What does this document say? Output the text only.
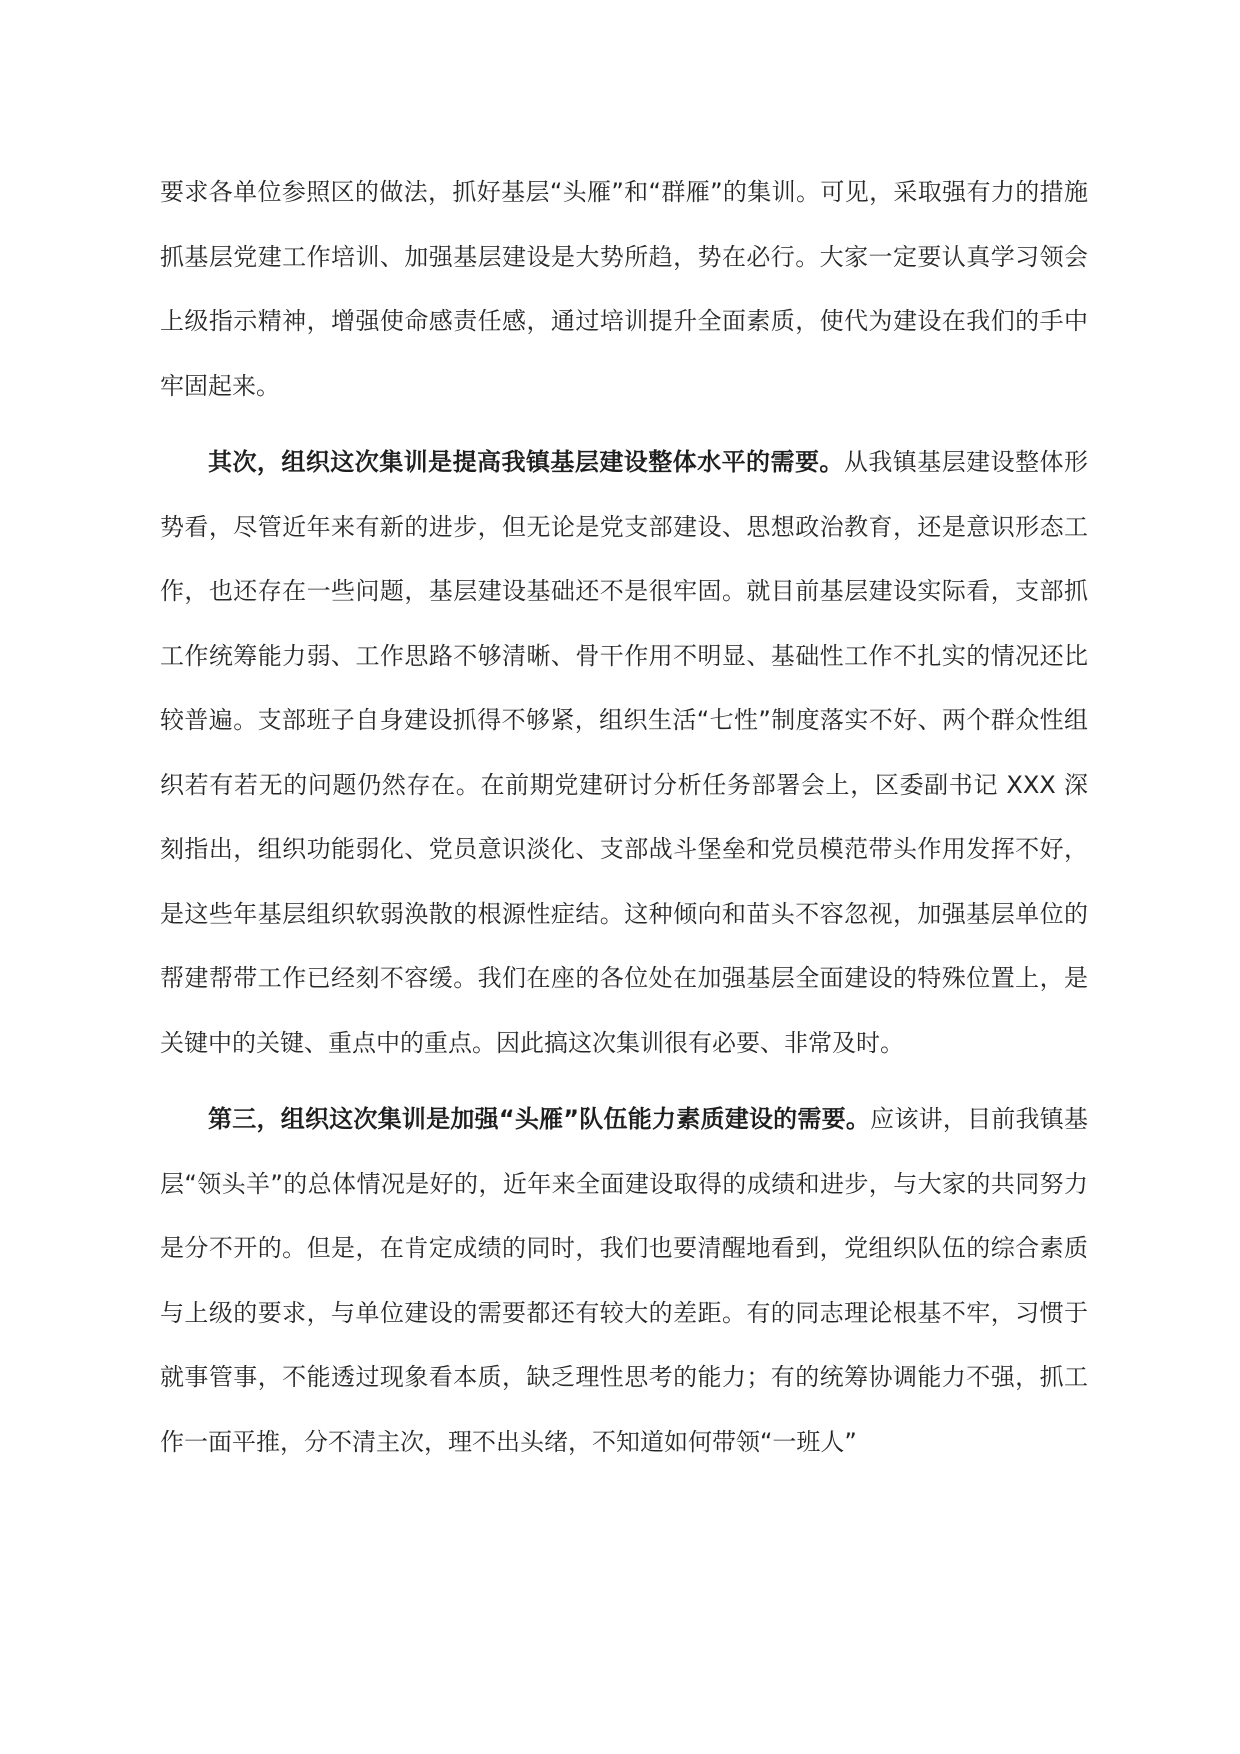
要求各单位参照区的做法，抓好基层“头雁”和“群雁”的集训。可见，采取强有力的措施抓基层党建工作培训、加强基层建设是大势所趋，势在必行。大家一定要认真学习领会上级指示精神，增强使命感责任感，通过培训提升全面素质，使代为建设在我们的手中牢固起来。

其次，组织这次集训是提高我镇基层建设整体水平的需要。从我镇基层建设整体形势看，尽管近年来有新的进步，但无论是党支部建设、思想政治教育，还是意识形态工作，也还存在一些问题，基层建设基础还不是很牢固。就目前基层建设实际看，支部抓工作统筹能力弱、工作思路不够清晰、骨干作用不明显、基础性工作不扎实的情况还比较普遍。支部班子自身建设抓得不够紧，组织生活“七性”制度落实不好、两个群众性组织若有若无的问题仍然存在。在前期党建研讨分析任务部署会上，区委副书记 XXX 深刻指出，组织功能弱化、党员意识淡化、支部战斗堡垒和党员模范带头作用发挥不好，是这些年基层组织软弱涣散的根源性症结。这种倾向和苗头不容忽视，加强基层单位的帮建帮带工作已经刻不容缓。我们在座的各位处在加强基层全面建设的特殊位置上，是关键中的关键、重点中的重点。因此搞这次集训很有必要、非常及时。

第三，组织这次集训是加强“头雁”队伍能力素质建设的需要。应该讲，目前我镇基层“领头羊”的总体情况是好的，近年来全面建设取得的成绩和进步，与大家的共同努力是分不开的。但是，在肯定成绩的同时，我们也要清醒地看到，党组织队伍的综合素质与上级的要求，与单位建设的需要都还有较大的差距。有的同志理论根基不牢，习惯于就事管事，不能透过现象看本质，缺乏理性思考的能力；有的统筹协调能力不强，抓工作一面平推，分不清主次，理不出头绪，不知道如何带领“一班人”
